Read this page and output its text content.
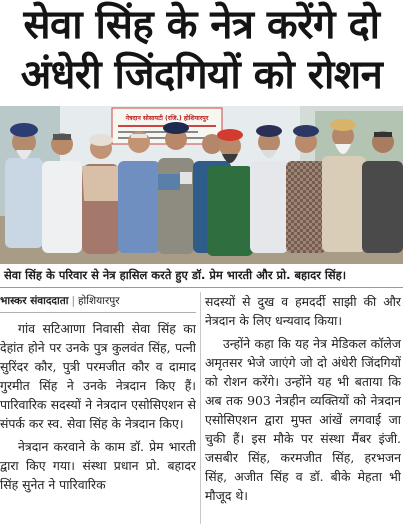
सेवा सिंह के नेत्र करेंगे दो
अंधेरी जिंदगियों को रोशन
नेत्रदान सोसायटी (रजि.) होशियारपुर
सेवा सिंह के परिवार से नेत्र हासिल करते हुए डॉ. प्रेम भारती और प्रो. बहादर सिंह।
भास्कर संवाददाता | होशियारपुर

गांव सटिआणा निवासी सेवा सिंह का देहांत होने पर उनके पुत्र कुलवंत सिंह, पत्नी सुरिंदर कौर, पुत्री परमजीत कौर व दामाद गुरमीत सिंह ने उनके नेत्रदान किए हैं। पारिवारिक सदस्यों ने नेत्रदान एसोसिएशन से संपर्क कर स्व. सेवा सिंह के नेत्रदान किए।

नेत्रदान करवाने के काम डॉ. प्रेम भारती द्वारा किए गया। संस्था प्रधान प्रो. बहादर सिंह सुनेत ने पारिवारिक

सदस्यों से दुख व हमदर्दी साझी की और नेत्रदान के लिए धन्यवाद किया।

उन्होंने कहा कि यह नेत्र मेडिकल कॉलेज अमृतसर भेजे जाएंगे जो दो अंधेरी जिंदगियों को रोशन करेंगे। उन्होंने यह भी बताया कि अब तक 903 नेत्रहीन व्यक्तियों को नेत्रदान एसोसिएशन द्वारा मुफ्त आंखें लगवाई जा चुकी हैं। इस मौके पर संस्था मैंबर इंजी. जसबीर सिंह, करमजीत सिंह, हरभजन सिंह, अजीत सिंह व डॉ. बीके मेहता भी मौजूद थे।
